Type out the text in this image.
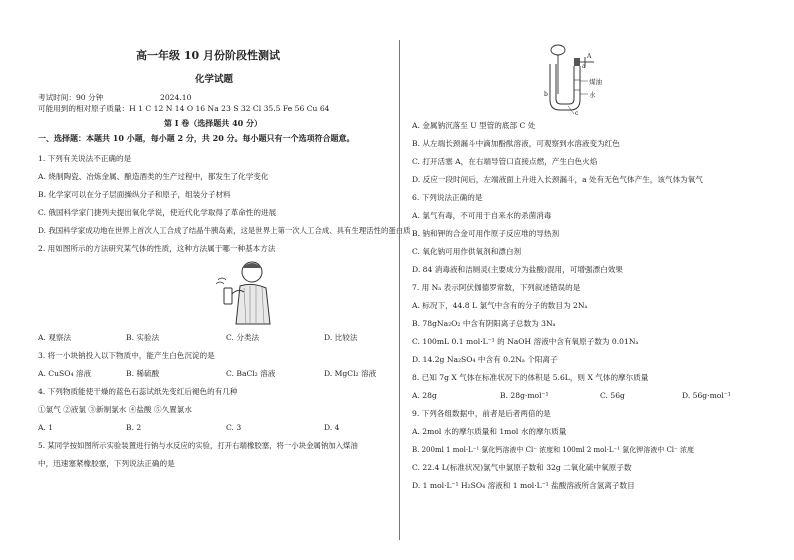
高一年级 10 月份阶段性测试
化学试题
考试时间：90 分钟	2024.10
可能用到的相对原子质量：H 1 C 12 N 14 O 16 Na 23 S 32 Cl 35.5 Fe 56 Cu 64
第 I 卷（选择题共 40 分）
一、选择题：本题共 10 小题，每小题 2 分，共 20 分。每小题只有一个选项符合题意。
1. 下列有关说法不正确的是
A. 烧制陶瓷、冶炼金属、酿造酒类的生产过程中，都发生了化学变化
B. 化学家可以在分子层面操纵分子和原子，组装分子材料
C. 俄国科学家门捷列夫提出氧化学说，使近代化学取得了革命性的进展
D. 我国科学家成功地在世界上首次人工合成了结晶牛胰岛素，这是世界上第一次人工合成、具有生理活性的蛋白质
2. 用如图所示的方法研究某气体的性质，这种方法属于哪一种基本方法
A. 观察法	B. 实验法	C. 分类法	D. 比较法
3. 将一小块钠投入以下物质中，能产生白色沉淀的是
A. CuSO₄ 溶液	B. 稀硫酸	C. BaCl₂ 溶液	D. MgCl₂ 溶液
4. 下列物质能使干燥的蓝色石蕊试纸先变红后褪色的有几种
①氯气 ②液氯 ③新制氯水 ④盐酸 ⑤久置氯水
A. 1	B. 2	C. 3	D. 4
5. 某同学按如图所示实验装置进行钠与水反应的实验，打开右端橡胶塞，将一小块金属钠加入煤油
中，迅速塞紧橡胶塞，下列说法正确的是
A
a
煤油
水
b
c
A. 金属钠沉落至 U 型管的底部 C 处
B. 从左端长颈漏斗中滴加酚酞溶液，可观察到水溶液变为红色
C. 打开活塞 A，在右端导管口直接点燃，产生白色火焰
D. 反应一段时间后，左端液面上升进入长颈漏斗，a 处有无色气体产生，该气体为氧气
6. 下列说法正确的是
A. 氯气有毒，不可用于自来水的杀菌消毒
B. 钠和钾的合金可用作原子反应堆的导热剂
C. 氧化钠可用作供氧剂和漂白剂
D. 84 消毒液和洁厕灵(主要成分为盐酸)混用，可增强漂白效果
7. 用 Nₐ 表示阿伏伽德罗常数，下列叙述错误的是
A. 标况下，44.8 L 氯气中含有的分子的数目为 2Nₐ
B. 78gNa₂O₂ 中含有阴阳离子总数为 3Nₐ
C. 100mL 0.1 mol·L⁻¹ 的 NaOH 溶液中含有氧原子数为 0.01Nₐ
D. 14.2g Na₂SO₄ 中含有 0.2Nₐ 个阳离子
8. 已知 7g X 气体在标准状况下的体积是 5.6L，则 X 气体的摩尔质量
A. 28g	B. 28g·mol⁻¹	C. 56g	D. 56g·mol⁻¹
9. 下列各组数据中，前者是后者两倍的是
A. 2mol 水的摩尔质量和 1mol 水的摩尔质量
B. 200ml 1 mol·L⁻¹ 氯化钙溶液中 Cl⁻ 浓度和 100ml 2 mol·L⁻¹ 氯化钾溶液中 Cl⁻ 浓度
C. 22.4 L(标准状况)氯气中氯原子数和 32g 二氧化硫中氧原子数
D. 1 mol·L⁻¹ H₂SO₄ 溶液和 1 mol·L⁻¹ 盐酸溶液所含氢离子数目
